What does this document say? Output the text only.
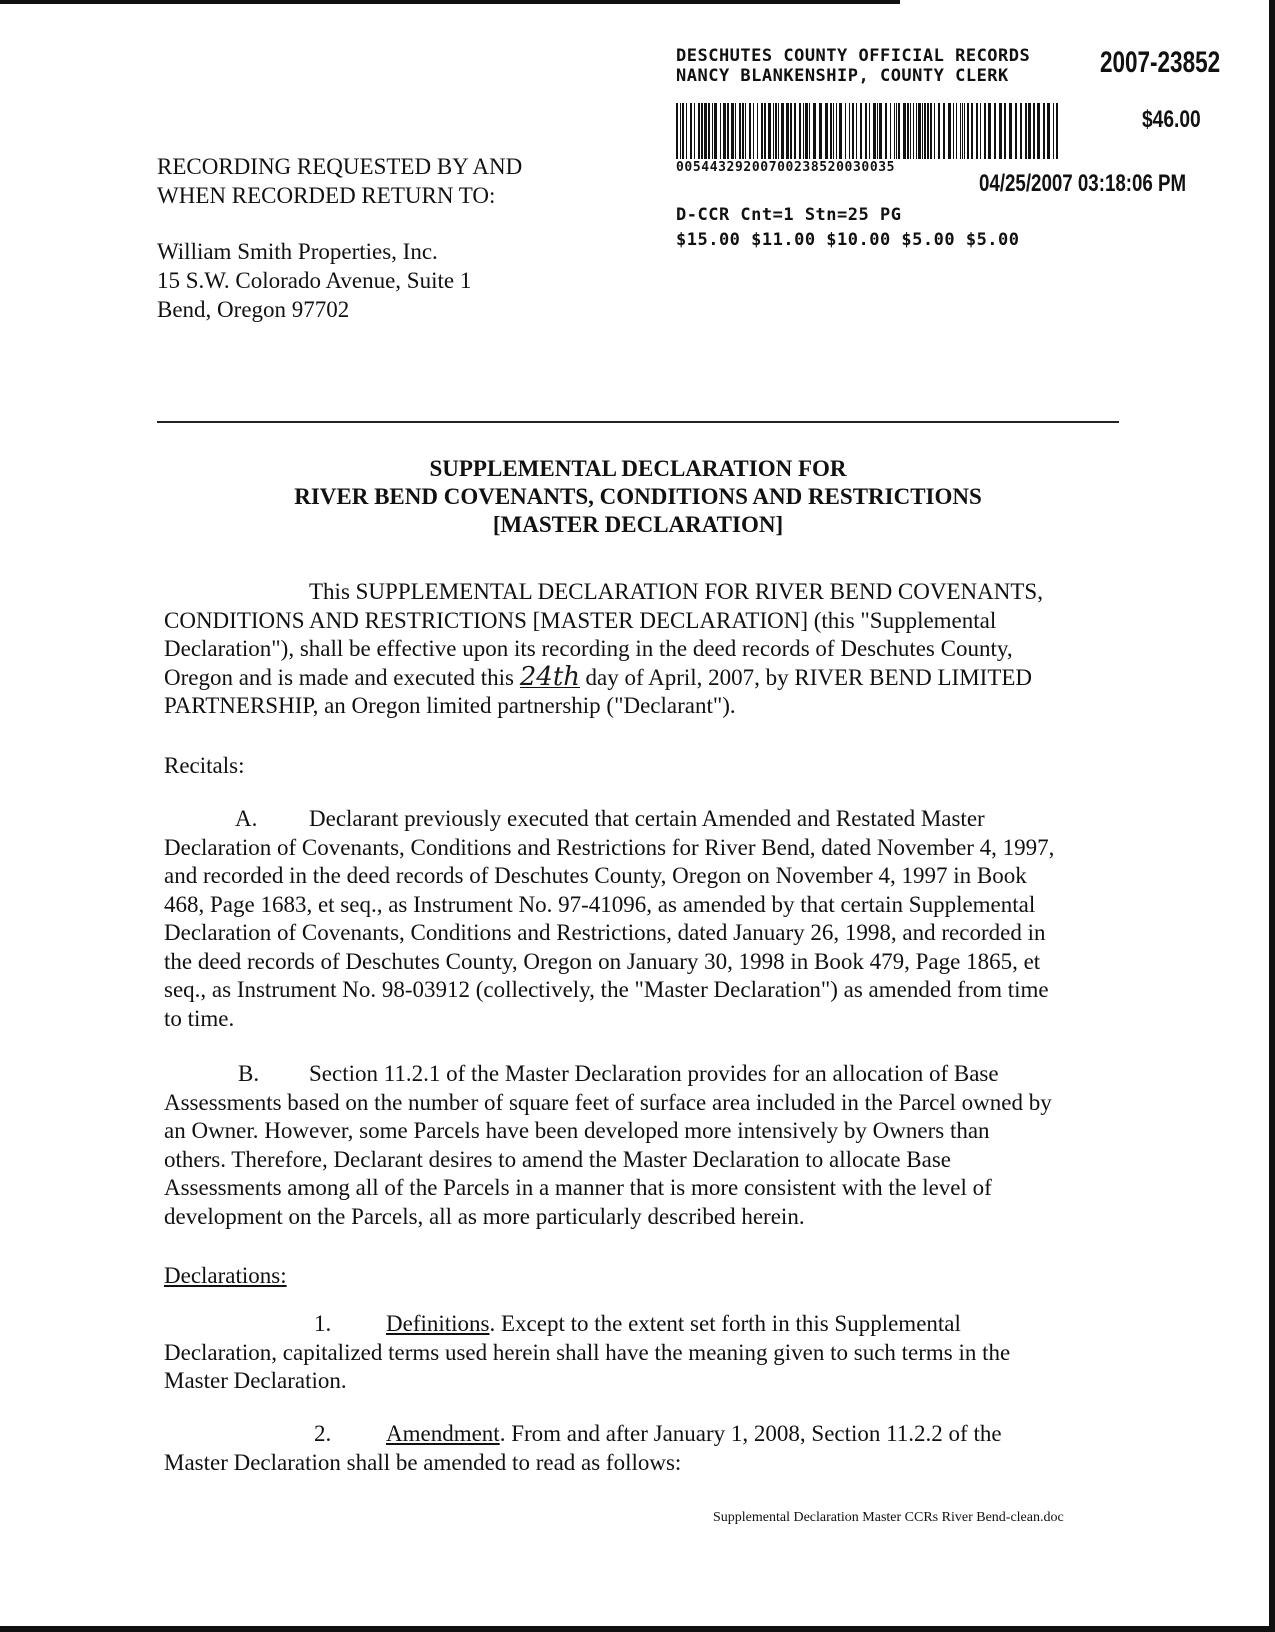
DESCHUTES COUNTY OFFICIAL RECORDS
NANCY BLANKENSHIP, COUNTY CLERK
00544329200700238520030035
D-CCR Cnt=1 Stn=25 PG
$15.00 $11.00 $10.00 $5.00 $5.00
2007-23852
$46.00
04/25/2007 03:18:06 PM
RECORDING REQUESTED BY AND
WHEN RECORDED RETURN TO:
William Smith Properties, Inc.
15 S.W. Colorado Avenue, Suite 1
Bend, Oregon 97702
SUPPLEMENTAL DECLARATION FOR
RIVER BEND COVENANTS, CONDITIONS AND RESTRICTIONS
[MASTER DECLARATION]
This SUPPLEMENTAL DECLARATION FOR RIVER BEND COVENANTS,
CONDITIONS AND RESTRICTIONS [MASTER DECLARATION] (this "Supplemental
Declaration"), shall be effective upon its recording in the deed records of Deschutes County,
Oregon and is made and executed this 24th day of April, 2007, by RIVER BEND LIMITED
PARTNERSHIP, an Oregon limited partnership ("Declarant").
Recitals:
A. Declarant previously executed that certain Amended and Restated Master
Declaration of Covenants, Conditions and Restrictions for River Bend, dated November 4, 1997,
and recorded in the deed records of Deschutes County, Oregon on November 4, 1997 in Book
468, Page 1683, et seq., as Instrument No. 97-41096, as amended by that certain Supplemental
Declaration of Covenants, Conditions and Restrictions, dated January 26, 1998, and recorded in
the deed records of Deschutes County, Oregon on January 30, 1998 in Book 479, Page 1865, et
seq., as Instrument No. 98-03912 (collectively, the "Master Declaration") as amended from time
to time.
B. Section 11.2.1 of the Master Declaration provides for an allocation of Base
Assessments based on the number of square feet of surface area included in the Parcel owned by
an Owner. However, some Parcels have been developed more intensively by Owners than
others. Therefore, Declarant desires to amend the Master Declaration to allocate Base
Assessments among all of the Parcels in a manner that is more consistent with the level of
development on the Parcels, all as more particularly described herein.
Declarations:
1. Definitions. Except to the extent set forth in this Supplemental
Declaration, capitalized terms used herein shall have the meaning given to such terms in the
Master Declaration.
2. Amendment. From and after January 1, 2008, Section 11.2.2 of the
Master Declaration shall be amended to read as follows:
Supplemental Declaration Master CCRs River Bend-clean.doc
